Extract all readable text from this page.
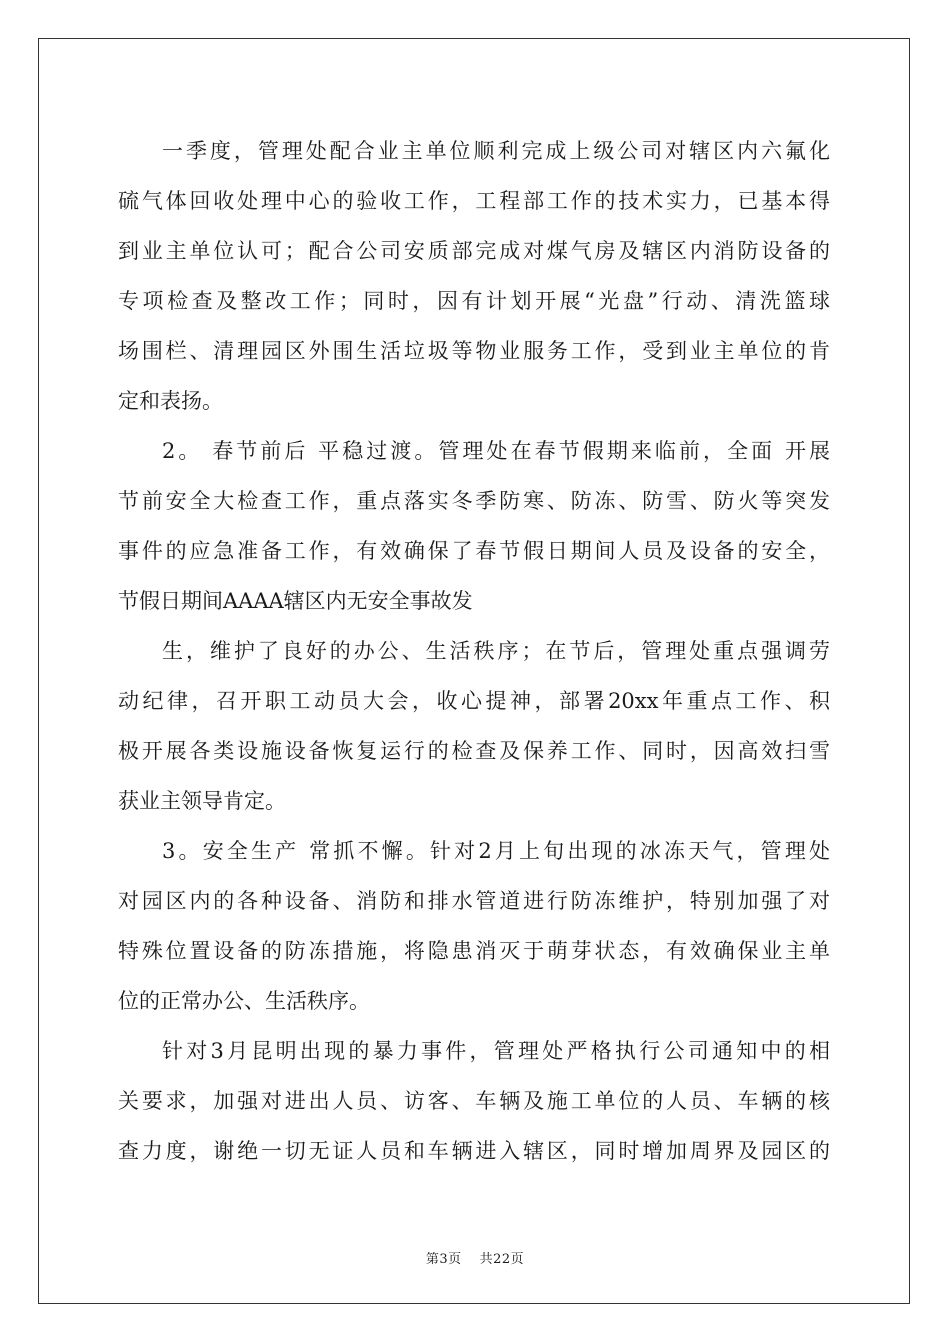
一季度，管理处配合业主单位顺利完成上级公司对辖区内六氟化
硫气体回收处理中心的验收工作，工程部工作的技术实力，已基本得
到业主单位认可；配合公司安质部完成对煤气房及辖区内消防设备的
专项检查及整改工作；同时，因有计划开展“光盘”行动、清洗篮球
场围栏、清理园区外围生活垃圾等物业服务工作，受到业主单位的肯
定和表扬。
2。 春节前后 平稳过渡。管理处在春节假期来临前，全面 开展
节前安全大检查工作，重点落实冬季防寒、防冻、防雪、防火等突发
事件的应急准备工作，有效确保了春节假日期间人员及设备的安全，
节假日期间AAAA辖区内无安全事故发
生，维护了良好的办公、生活秩序；在节后，管理处重点强调劳
动纪律，召开职工动员大会，收心提神，部署20xx年重点工作、积
极开展各类设施设备恢复运行的检查及保养工作、同时，因高效扫雪
获业主领导肯定。
3。安全生产 常抓不懈。针对2月上旬出现的冰冻天气，管理处
对园区内的各种设备、消防和排水管道进行防冻维护，特别加强了对
特殊位置设备的防冻措施，将隐患消灭于萌芽状态，有效确保业主单
位的正常办公、生活秩序。
针对3月昆明出现的暴力事件，管理处严格执行公司通知中的相
关要求，加强对进出人员、访客、车辆及施工单位的人员、车辆的核
查力度，谢绝一切无证人员和车辆进入辖区，同时增加周界及园区的
第3页 共22页
